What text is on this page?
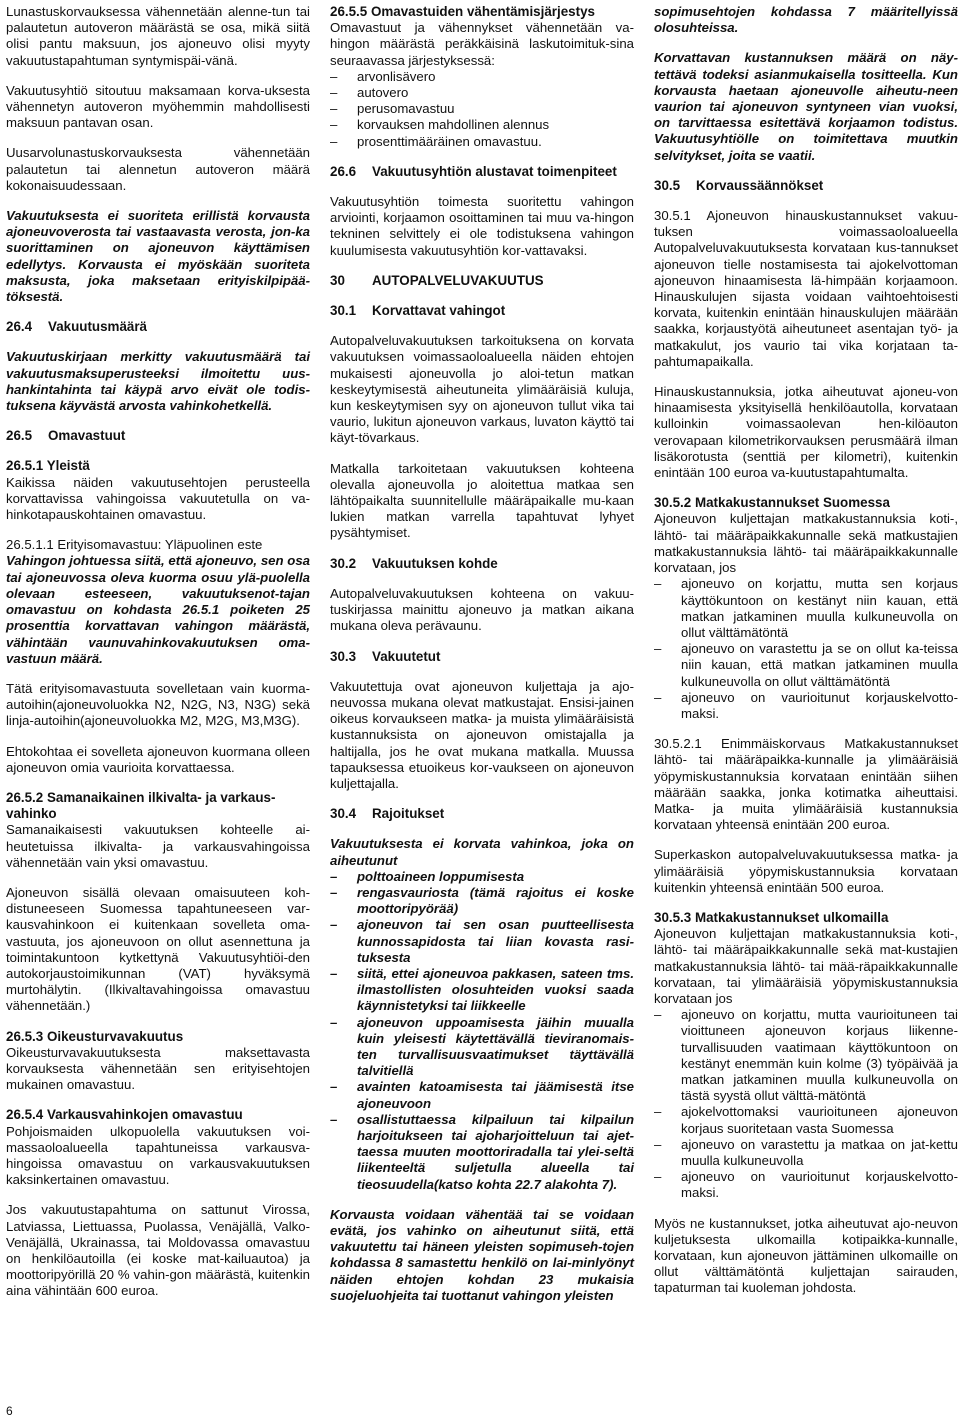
Lunastuskorvauksessa vähennetään alenne-tun tai palautetun autoveron määrästä se osa, mikä siitä olisi pantu maksuun, jos ajoneuvo olisi myyty vakuutustapahtuman syntymispäi-vänä.

Vakuutusyhtiö sitoutuu maksamaan korva-uksesta vähennetyn autoveron myöhemmin mahdollisesti maksuun pantavan osan.

Uusarvolunastuskorvauksesta vähennetään palautetun tai alennetun autoveron määrä kokonaisuudessaan.

Vakuutuksesta ei suoriteta erillistä korvausta ajoneuvoverosta tai vastaavasta verosta, jon-ka suorittaminen on ajoneuvon käyttämisen edellytys. Korvausta ei myöskään suoriteta maksusta, joka maksetaan erityiskilpipää-töksestä.

26.4 Vakuutusmäärä

Vakuutuskirjaan merkitty vakuutusmäärä tai vakuutusmaksuperusteeksi ilmoitettu uus-hankintahinta tai käypä arvo eivät ole todis-tuksena käyvästä arvosta vahinkohetkellä.

26.5 Omavastuut
26.5.1 Yleistä

Kaikissa näiden vakuutusehtojen perusteella korvattavissa vahingoissa vakuutetulla on va-hinkotapauskohtainen omavastuu.

26.5.1.1 Erityisomavastuu: Yläpuolinen este
Vahingon johtuessa siitä, että ajoneuvo, sen osa tai ajoneuvossa oleva kuorma osuu ylä-puolella olevaan esteeseen, vakuutuksenot-tajan omavastuu on kohdasta 26.5.1 poiketen 25 prosenttia korvattavan vahingon määrästä, vähintään vaunuvahinkovakuutuksen oma-vastuun määrä.

Tätä erityisomavastuuta sovelletaan vain kuorma-autoihin(ajoneuvoluokka N2, N2G, N3, N3G) sekä linja-autoihin(ajoneuvoluokka M2, M2G, M3,M3G).

Ehtokohtaa ei sovelleta ajoneuvon kuormana olleen ajoneuvon omia vaurioita korvattaessa.

26.5.2 Samanaikainen ilkivalta- ja varkaus-vahinko

Samanaikaisesti vakuutuksen kohteelle ai-heutetuissa ilkivalta- ja varkausvahingoissa vähennetään vain yksi omavastuu.

Ajoneuvon sisällä olevaan omaisuuteen koh-distuneeseen Suomessa tapahtuneeseen var-kausvahinkoon ei kuitenkaan sovelleta oma-vastuuta, jos ajoneuvoon on ollut asennettuna ja toimintakuntoon kytkettynä Vakuutusyhtiöi-den autokorjaustoimikunnan (VAT) hyväksymä murtohälytin. (Ilkivaltavahingoissa omavastuu vähennetään.)

26.5.3 Oikeusturvavakuutus

Oikeusturvavakuutuksesta maksettavasta korvauksesta vähennetään sen erityisehtojen mukainen omavastuu.

26.5.4 Varkausvahinkojen omavastuu

Pohjoismaiden ulkopuolella vakuutuksen voi-massaoloalueella tapahtuneissa varkausva-hingoissa omavastuu on varkausvakuutuksen kaksinkertainen omavastuu.

Jos vakuutustapahtuma on sattunut Virossa, Latviassa, Liettuassa, Puolassa, Venäjällä, Valko-Venäjällä, Ukrainassa, tai Moldovassa omavastuu on henkilöautoilla (ei koske mat-kailuautoa) ja moottoripyörillä 20 % vahin-gon määrästä, kuitenkin aina vähintään 600 euroa.

26.5.5 Omavastuiden vähentämisjärjestys

Omavastuut ja vähennykset vähennetään va-hingon määrästä peräkkäisinä laskutoimituk-sina seuraavassa järjestyksessä:

–	arvonlisävero
–	autovero
–	perusomavastuu
–	korvauksen mahdollinen alennus
–	prosenttimääräinen omavastuu.
26.6	Vakuutusyhtiön alustavat toimenpiteet

Vakuutusyhtiön toimesta suoritettu vahingon arviointi, korjaamon osoittaminen tai muu va-hingon tekninen selvittely ei ole todistuksena vahingon kuulumisesta vakuutusyhtiön kor-vattavaksi.

30 AUTOPALVELUVAKUUTUS
30.1 Korvattavat vahingot

Autopalveluvakuutuksen tarkoituksena on korvata vakuutuksen voimassaoloalueella näiden ehtojen mukaisesti ajoneuvolla jo aloi-tetun matkan keskeytymisestä aiheutuneita ylimääräisiä kuluja, kun keskeytymisen syy on ajoneuvon tullut vika tai vaurio, lukitun ajoneuvon varkaus, luvaton käyttö tai käyt-tövarkaus.

Matkalla tarkoitetaan vakuutuksen kohteena olevalla ajoneuvolla jo aloitettua matkaa sen lähtöpaikalta suunnitellulle määräpaikalle mu-kaan lukien matkan varrella tapahtuvat lyhyet pysähtymiset.

30.2 Vakuutuksen kohde

Autopalveluvakuutuksen kohteena on vakuu-tuskirjassa mainittu ajoneuvo ja matkan aikana mukana oleva perävaunu.

30.3 Vakuutetut

Vakuutettuja ovat ajoneuvon kuljettaja ja ajo-neuvossa mukana olevat matkustajat. Ensisi-jainen oikeus korvaukseen matka- ja muista ylimääräisistä kustannuksista on ajoneuvon omistajalla ja haltijalla, jos he ovat mukana matkalla. Muussa tapauksessa etuoikeus kor-vaukseen on ajoneuvon kuljettajalla.

30.4 Rajoitukset

Vakuutuksesta ei korvata vahinkoa, joka on aiheutunut

–	polttoaineen loppumisesta
–	rengasvauriosta (tämä rajoitus ei koske moottoripyörää)
–	ajoneuvon tai sen osan puutteellisesta kunnossapidosta tai liian kovasta rasi-tuksesta
–	siitä, ettei ajoneuvoa pakkasen, sateen tms. ilmastollisten olosuhteiden vuoksi saada käynnistetyksi tai liikkeelle
–	ajoneuvon uppoamisesta jäihin muualla kuin yleisesti käytettävällä tieviranomais-ten turvallisuusvaatimukset täyttävällä talvitiellä
–	avainten katoamisesta tai jäämisestä itse ajoneuvoon
–	osallistuttaessa kilpailuun tai kilpailun harjoitukseen tai ajoharjoitteluun tai ajet-taessa muuten moottoriradalla tai ylei-seltä liikenteeltä suljetulla alueella tai tieosuudella(katso kohta 22.7 alakohta 7).

Korvausta voidaan vähentää tai se voidaan evätä, jos vahinko on aiheutunut siitä, että vakuutettu tai häneen yleisten sopimuseh-tojen kohdassa 8 samastettu henkilö on lai-minlyönyt näiden ehtojen kohdan 23 mukaisia suojeluohjeita tai tuottanut vahingon yleisten

sopimusehtojen kohdassa 7 määritellyissä olosuhteissa.

Korvattavan kustannuksen määrä on näy-tettävä todeksi asianmukaisella tositteella. Kun korvausta haetaan ajoneuvolle aiheutu-neen vaurion tai ajoneuvon syntyneen vian vuoksi, on tarvittaessa esitettävä korjaamon todistus. Vakuutusyhtiölle on toimitettava muutkin selvitykset, joita se vaatii.

30.5 Korvaussäännökset

30.5.1 Ajoneuvon hinauskustannukset vakuu-tuksen voimassaoloalueella Autopalveluvakuutuksesta korvataan kus-tannukset ajoneuvon tielle nostamisesta tai ajokelvottoman ajoneuvon hinaamisesta lä-himpään korjaamoon. Hinauskulujen sijasta voidaan vaihtoehtoisesti korvata, kuitenkin enintään hinauskulujen määrään saakka, korjaustyötä aiheutuneet asentajan työ- ja matkakulut, jos vaurio tai vika korjataan ta-pahtumapaikalla.

Hinauskustannuksia, jotka aiheutuvat ajoneu-von hinaamisesta yksityisellä henkilöautolla, korvataan kulloinkin voimassaolevan hen-kilöauton verovapaan kilometrikorvauksen perusmäärä ilman lisäkorotusta (senttiä per kilometri), kuitenkin enintään 100 euroa va-kuutustapahtumalta.

30.5.2 Matkakustannukset Suomessa

Ajoneuvon kuljettajan matkakustannuksia koti-, lähtö- tai määräpaikkakunnalle sekä matkustajien matkakustannuksia lähtö- tai määräpaikkakunnalle korvataan, jos

–	ajoneuvo on korjattu, mutta sen korjaus käyttökuntoon on kestänyt niin kauan, että matkan jatkaminen muulla kulkuneuvolla on ollut välttämätöntä
–	ajoneuvo on varastettu ja se on ollut ka-teissa niin kauan, että matkan jatkaminen muulla kulkuneuvolla on ollut välttämätöntä
–	ajoneuvo on vaurioitunut korjauskelvotto-maksi.

30.5.2.1 Enimmäiskorvaus Matkakustannukset lähtö- tai määräpaikka-kunnalle ja ylimääräisiä yöpymiskustannuksia korvataan enintään siihen määrään saakka, jonka kotimatka aiheuttaisi. Matka- ja muita ylimääräisiä kustannuksia korvataan yhteensä enintään 200 euroa.

Superkaskon autopalveluvakuutuksessa matka- ja ylimääräisiä yöpymiskustannuksia korvataan kuitenkin yhteensä enintään 500 euroa.

30.5.3 Matkakustannukset ulkomailla

Ajoneuvon kuljettajan matkakustannuksia koti-, lähtö- tai määräpaikkakunnalle sekä mat-kustajien matkakustannuksia lähtö- tai mää-räpaikkakunnalle korvataan, tai ylimääräisiä yöpymiskustannuksia korvataan jos

–	ajoneuvo on korjattu, mutta vaurioituneen tai vioittuneen ajoneuvon korjaus liikenne-turvallisuuden vaatimaan käyttökuntoon on kestänyt enemmän kuin kolme (3) työpäivää ja matkan jatkaminen muulla kulkuneuvolla on tästä syystä ollut välttä-mätöntä
–	ajokelvottomaksi vaurioituneen ajoneuvon korjaus suoritetaan vasta Suomessa
–	ajoneuvo on varastettu ja matkaa on jat-kettu muulla kulkuneuvolla
–	ajoneuvo on vaurioitunut korjauskelvotto-maksi.

Myös ne kustannukset, jotka aiheutuvat ajo-neuvon kuljetuksesta ulkomailla kotipaikka-kunnalle, korvataan, kun ajoneuvon jättäminen ulkomaille on ollut välttämätöntä kuljettajan sairauden, tapaturman tai kuoleman johdosta.

6
